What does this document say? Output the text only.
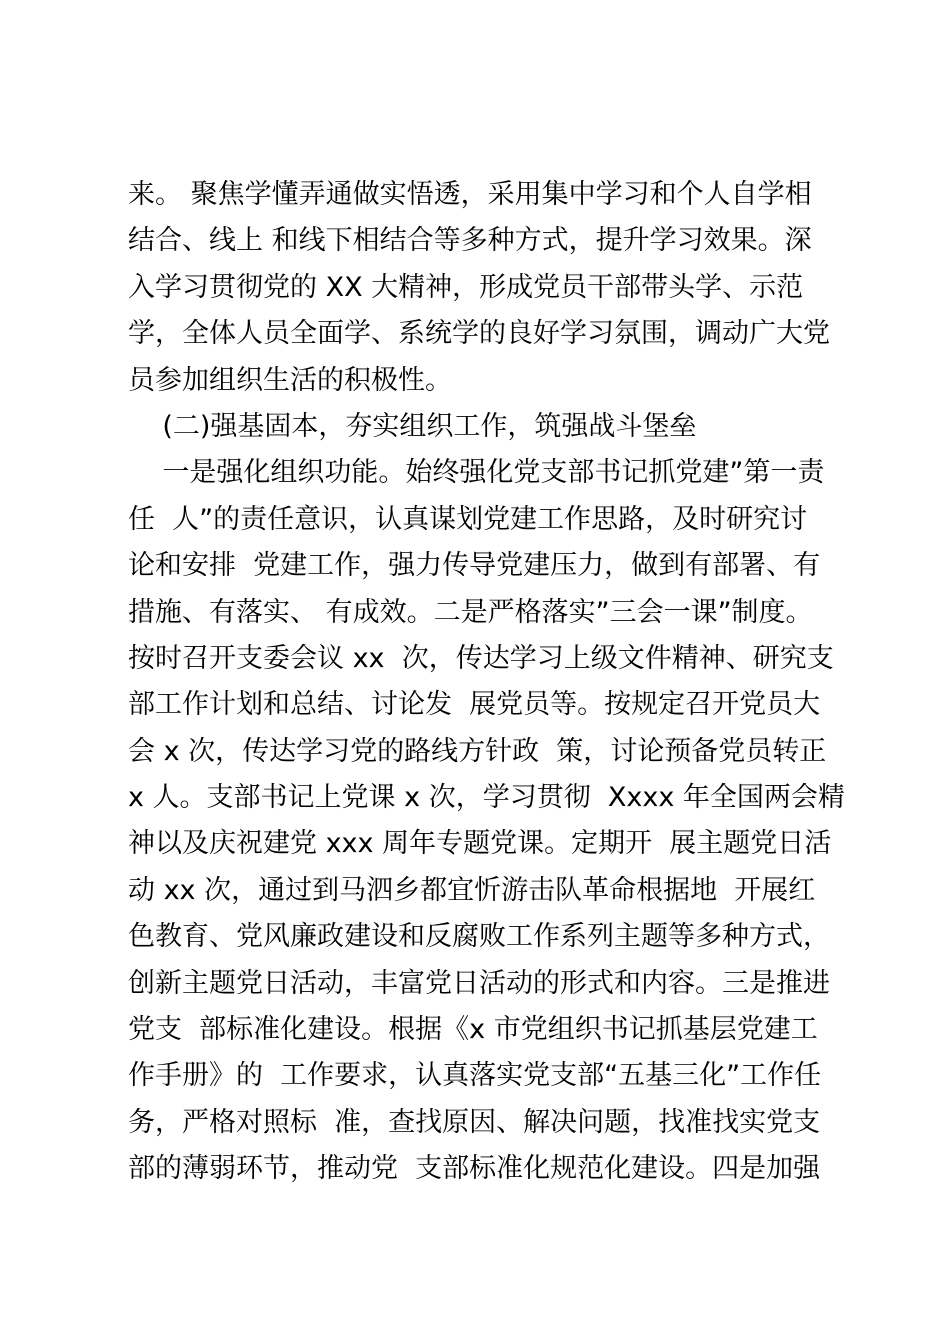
来。 聚焦学懂弄通做实悟透，采用集中学习和个人自学相
结合、线上 和线下相结合等多种方式，提升学习效果。深
入学习贯彻党的 XX 大精神，形成党员干部带头学、示范
学，全体人员全面学、系统学的良好学习氛围，调动广大党
员参加组织生活的积极性。
(二)强基固本，夯实组织工作，筑强战斗堡垒
一是强化组织功能。始终强化党支部书记抓党建”第一责
任  人”的责任意识，认真谋划党建工作思路，及时研究讨
论和安排  党建工作，强力传导党建压力，做到有部署、有
措施、有落实、 有成效。二是严格落实”三会一课”制度。
按时召开支委会议 xx  次，传达学习上级文件精神、研究支
部工作计划和总结、讨论发  展党员等。按规定召开党员大
会 x 次，传达学习党的路线方针政  策，讨论预备党员转正
x 人。支部书记上党课 x 次，学习贯彻  Xxxx 年全国两会精
神以及庆祝建党 xxx 周年专题党课。定期开  展主题党日活
动 xx 次，通过到马泗乡都宜忻游击队革命根据地  开展红
色教育、党风廉政建设和反腐败工作系列主题等多种方式，
创新主题党日活动，丰富党日活动的形式和内容。三是推进
党支  部标准化建设。根据《x 市党组织书记抓基层党建工
作手册》的  工作要求，认真落实党支部“五基三化”工作任
务，严格对照标  准，查找原因、解决问题，找准找实党支
部的薄弱环节，推动党  支部标准化规范化建设。四是加强
